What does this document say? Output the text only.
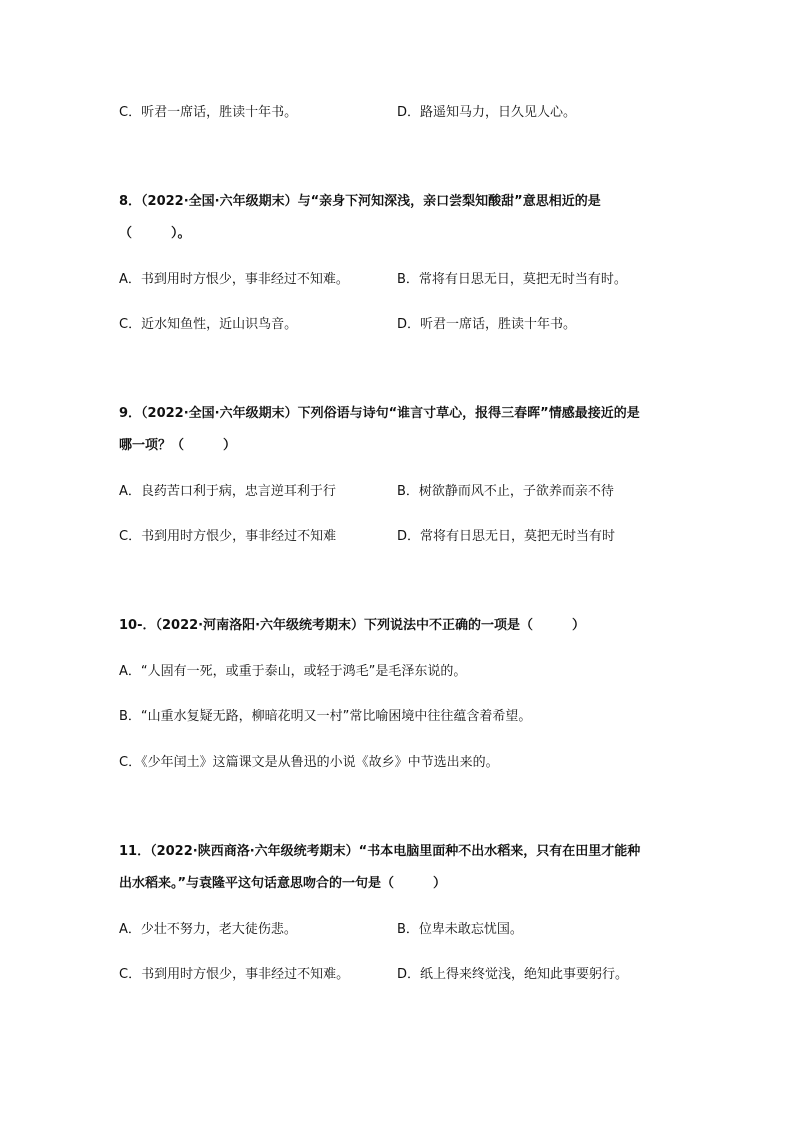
C．听君一席话，胜读十年书。	D．路遥知马力，日久见人心。
8．（2022·全国·六年级期末）与“亲身下河知深浅，亲口尝梨知酸甜”意思相近的是
（　　　）。
A．书到用时方恨少，事非经过不知难。	B．常将有日思无日，莫把无时当有时。
C．近水知鱼性，近山识鸟音。	D．听君一席话，胜读十年书。
9．（2022·全国·六年级期末）下列俗语与诗句“谁言寸草心，报得三春晖”情感最接近的是
哪一项？（　　　）
A．良药苦口利于病，忠言逆耳利于行	B．树欲静而风不止，子欲养而亲不待
C．书到用时方恨少，事非经过不知难	D．常将有日思无日，莫把无时当有时
10-．（2022·河南洛阳·六年级统考期末）下列说法中不正确的一项是（　　　）
A．“人固有一死，或重于泰山，或轻于鸿毛”是毛泽东说的。
B．“山重水复疑无路，柳暗花明又一村”常比喻困境中往往蕴含着希望。
C．《少年闰土》这篇课文是从鲁迅的小说《故乡》中节选出来的。
11．（2022·陕西商洛·六年级统考期末）“书本电脑里面种不出水稻来，只有在田里才能种
出水稻来。”与袁隆平这句话意思吻合的一句是（　　　）
A．少壮不努力，老大徒伤悲。	B．位卑未敢忘忧国。
C．书到用时方恨少，事非经过不知难。	D．纸上得来终觉浅，绝知此事要躬行。
